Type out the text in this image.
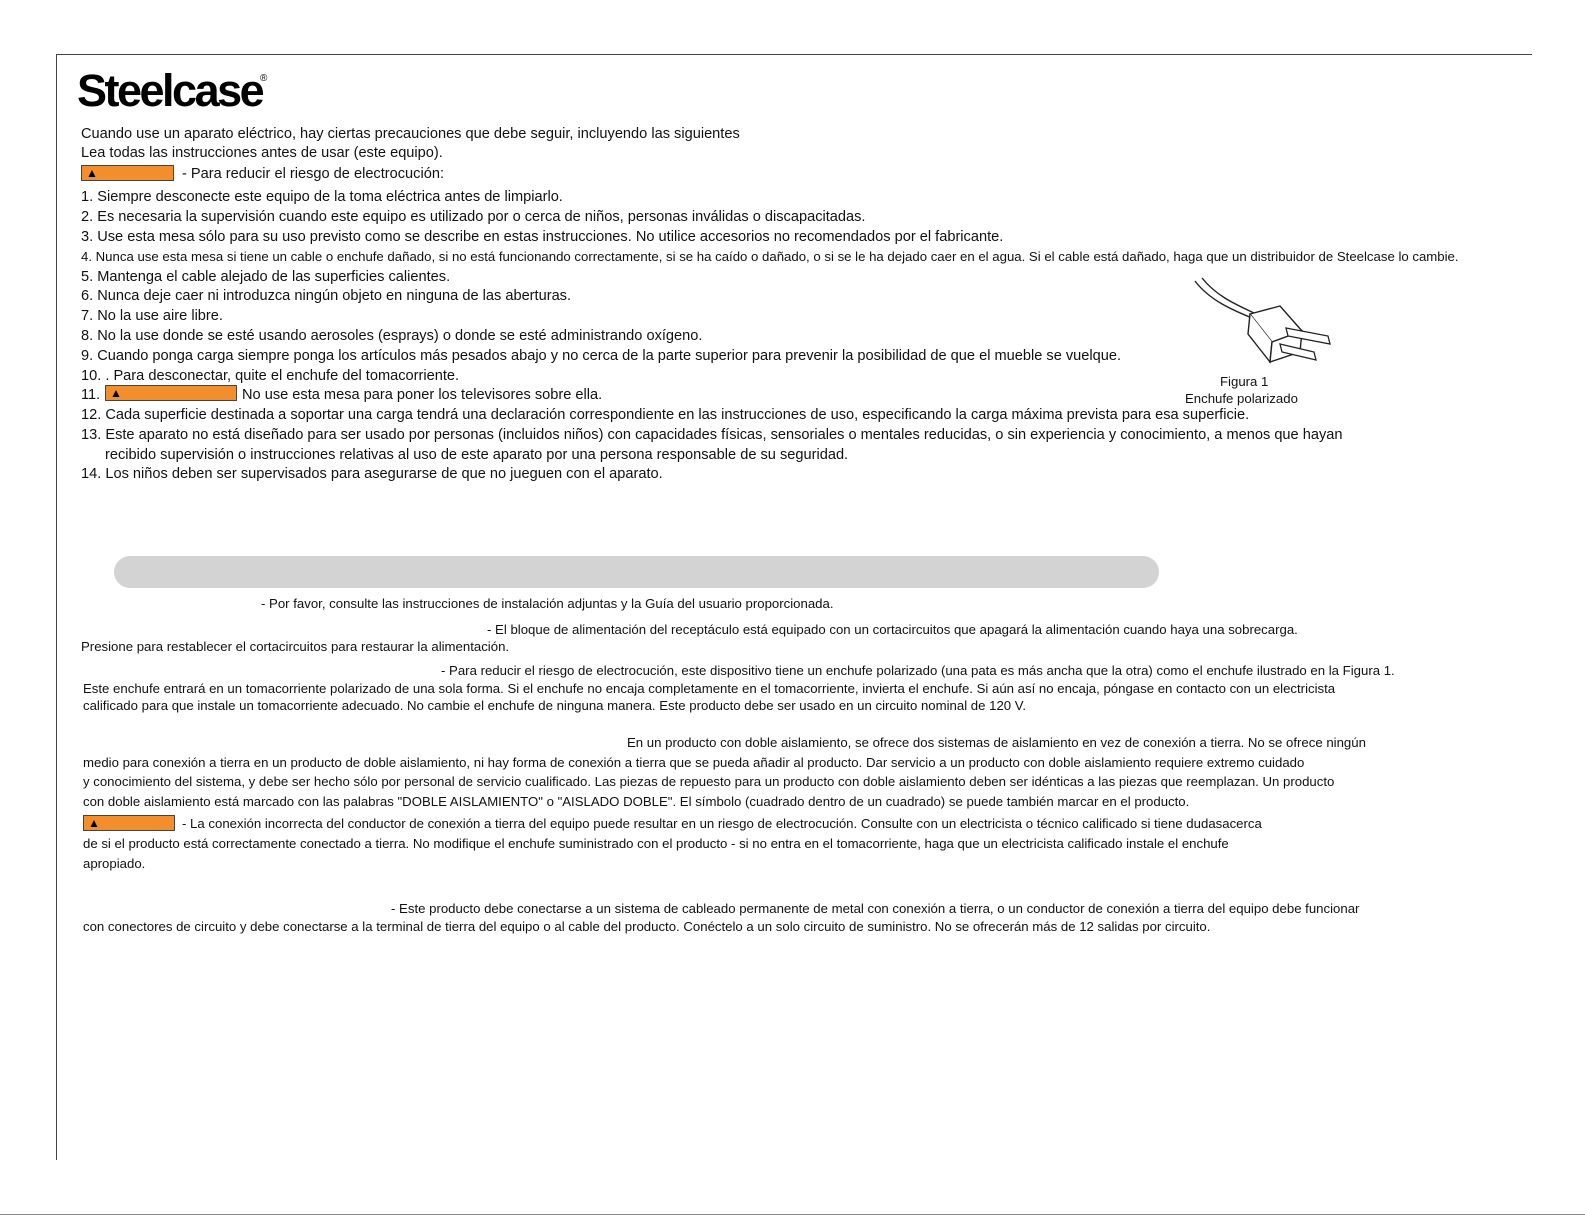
Steelcase
®
Cuando use un aparato eléctrico, hay ciertas precauciones que debe seguir, incluyendo las siguientes
Lea todas las instrucciones antes de usar (este equipo).
▲	- Para reducir el riesgo de electrocución:
1. Siempre desconecte este equipo de la toma eléctrica antes de limpiarlo.
2. Es necesaria la supervisión cuando este equipo es utilizado por o cerca de niños, personas inválidas o discapacitadas.
3. Use esta mesa sólo para su uso previsto como se describe en estas instrucciones. No utilice accesorios no recomendados por el fabricante.
4. Nunca use esta mesa si tiene un cable o enchufe dañado, si no está funcionando correctamente, si se ha caído o dañado, o si se le ha dejado caer en el agua. Si el cable está dañado, haga que un distribuidor de Steelcase lo cambie.
5. Mantenga el cable alejado de las superficies calientes.
6. Nunca deje caer ni introduzca ningún objeto en ninguna de las aberturas.
7. No la use aire libre.
8. No la use donde se esté usando aerosoles (esprays) o donde se esté administrando oxígeno.
9. Cuando ponga carga siempre ponga los artículos más pesados abajo y no cerca de la parte superior para prevenir la posibilidad de que el mueble se vuelque.
10. . Para desconectar, quite el enchufe del tomacorriente.
11. ▲	No use esta mesa para poner los televisores sobre ella.
12. Cada superficie destinada a soportar una carga tendrá una declaración correspondiente en las instrucciones de uso, especificando la carga máxima prevista para esa superficie.
13. Este aparato no está diseñado para ser usado por personas (incluidos niños) con capacidades físicas, sensoriales o mentales reducidas, o sin experiencia y conocimiento, a menos que hayan
recibido supervisión o instrucciones relativas al uso de este aparato por una persona responsable de su seguridad.
14. Los niños deben ser supervisados para asegurarse de que no jueguen con el aparato.
Figura 1
Enchufe polarizado
- Por favor, consulte las instrucciones de instalación adjuntas y la Guía del usuario proporcionada.
- El bloque de alimentación del receptáculo está equipado con un cortacircuitos que apagará la alimentación cuando haya una sobrecarga.
Presione para restablecer el cortacircuitos para restaurar la alimentación.
- Para reducir el riesgo de electrocución, este dispositivo tiene un enchufe polarizado (una pata es más ancha que la otra) como el enchufe ilustrado en la Figura 1.
Este enchufe entrará en un tomacorriente polarizado de una sola forma. Si el enchufe no encaja completamente en el tomacorriente, invierta el enchufe. Si aún así no encaja, póngase en contacto con un electricista
calificado para que instale un tomacorriente adecuado. No cambie el enchufe de ninguna manera. Este producto debe ser usado en un circuito nominal de 120 V.
En un producto con doble aislamiento, se ofrece dos sistemas de aislamiento en vez de conexión a tierra. No se ofrece ningún
medio para conexión a tierra en un producto de doble aislamiento, ni hay forma de conexión a tierra que se pueda añadir al producto. Dar servicio a un producto con doble aislamiento requiere extremo cuidado
y conocimiento del sistema, y debe ser hecho sólo por personal de servicio cualificado. Las piezas de repuesto para un producto con doble aislamiento deben ser idénticas a las piezas que reemplazan. Un producto
con doble aislamiento está marcado con las palabras "DOBLE AISLAMIENTO" o "AISLADO DOBLE". El símbolo (cuadrado dentro de un cuadrado) se puede también marcar en el producto.
▲	- La conexión incorrecta del conductor de conexión a tierra del equipo puede resultar en un riesgo de electrocución. Consulte con un electricista o técnico calificado si tiene dudasacerca
de si el producto está correctamente conectado a tierra. No modifique el enchufe suministrado con el producto - si no entra en el tomacorriente, haga que un electricista calificado instale el enchufe
apropiado.
- Este producto debe conectarse a un sistema de cableado permanente de metal con conexión a tierra, o un conductor de conexión a tierra del equipo debe funcionar
con conectores de circuito y debe conectarse a la terminal de tierra del equipo o al cable del producto. Conéctelo a un solo circuito de suministro. No se ofrecerán más de 12 salidas por circuito.
